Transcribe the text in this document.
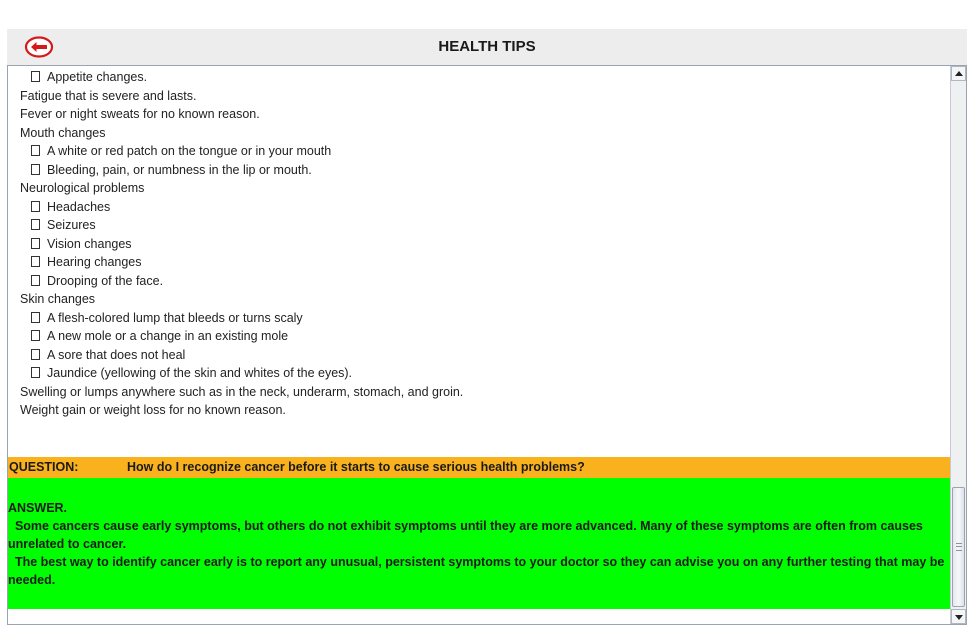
HEALTH TIPS
Appetite changes.
Fatigue that is severe and lasts.
Fever or night sweats for no known reason.
Mouth changes
A white or red patch on the tongue or in your mouth
Bleeding, pain, or numbness in the lip or mouth.
Neurological problems
Headaches
Seizures
Vision changes
Hearing changes
Drooping of the face.
Skin changes
A flesh-colored lump that bleeds or turns scaly
A new mole or a change in an existing mole
A sore that does not heal
Jaundice (yellowing of the skin and whites of the eyes).
Swelling or lumps anywhere such as in the neck, underarm, stomach, and groin.
Weight gain or weight loss for no known reason.
QUESTION:	How do I recognize cancer before it starts to cause serious health problems?

ANSWER.

Some cancers cause early symptoms, but others do not exhibit symptoms until they are more advanced. Many of these symptoms are often from causes unrelated to cancer.

The best way to identify cancer early is to report any unusual, persistent symptoms to your doctor so they can advise you on any further testing that may be needed.
